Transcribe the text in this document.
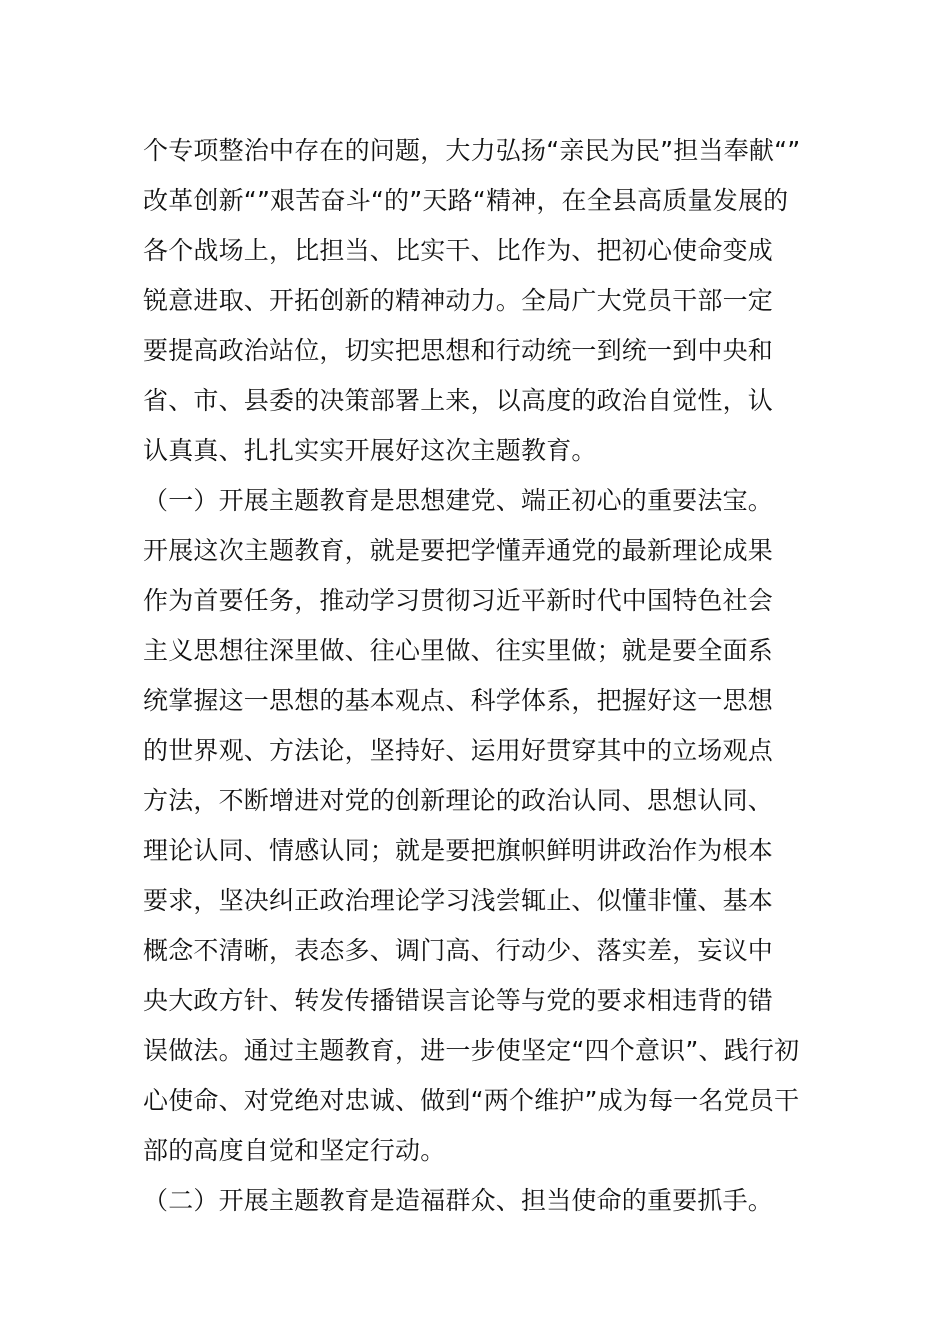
个专项整治中存在的问题，大力弘扬“亲民为民”担当奉献“”

改革创新“”艰苦奋斗“的”天路“精神，在全县高质量发展的

各个战场上，比担当、比实干、比作为、把初心使命变成

锐意进取、开拓创新的精神动力。全局广大党员干部一定

要提高政治站位，切实把思想和行动统一到统一到中央和

省、市、县委的决策部署上来，以高度的政治自觉性，认

认真真、扎扎实实开展好这次主题教育。

（一）开展主题教育是思想建党、端正初心的重要法宝。

开展这次主题教育，就是要把学懂弄通党的最新理论成果

作为首要任务，推动学习贯彻习近平新时代中国特色社会

主义思想往深里做、往心里做、往实里做；就是要全面系

统掌握这一思想的基本观点、科学体系，把握好这一思想

的世界观、方法论，坚持好、运用好贯穿其中的立场观点

方法，不断增进对党的创新理论的政治认同、思想认同、

理论认同、情感认同；就是要把旗帜鲜明讲政治作为根本

要求，坚决纠正政治理论学习浅尝辄止、似懂非懂、基本

概念不清晰，表态多、调门高、行动少、落实差，妄议中

央大政方针、转发传播错误言论等与党的要求相违背的错

误做法。通过主题教育，进一步使坚定“四个意识”、践行初

心使命、对党绝对忠诚、做到“两个维护”成为每一名党员干

部的高度自觉和坚定行动。

（二）开展主题教育是造福群众、担当使命的重要抓手。
